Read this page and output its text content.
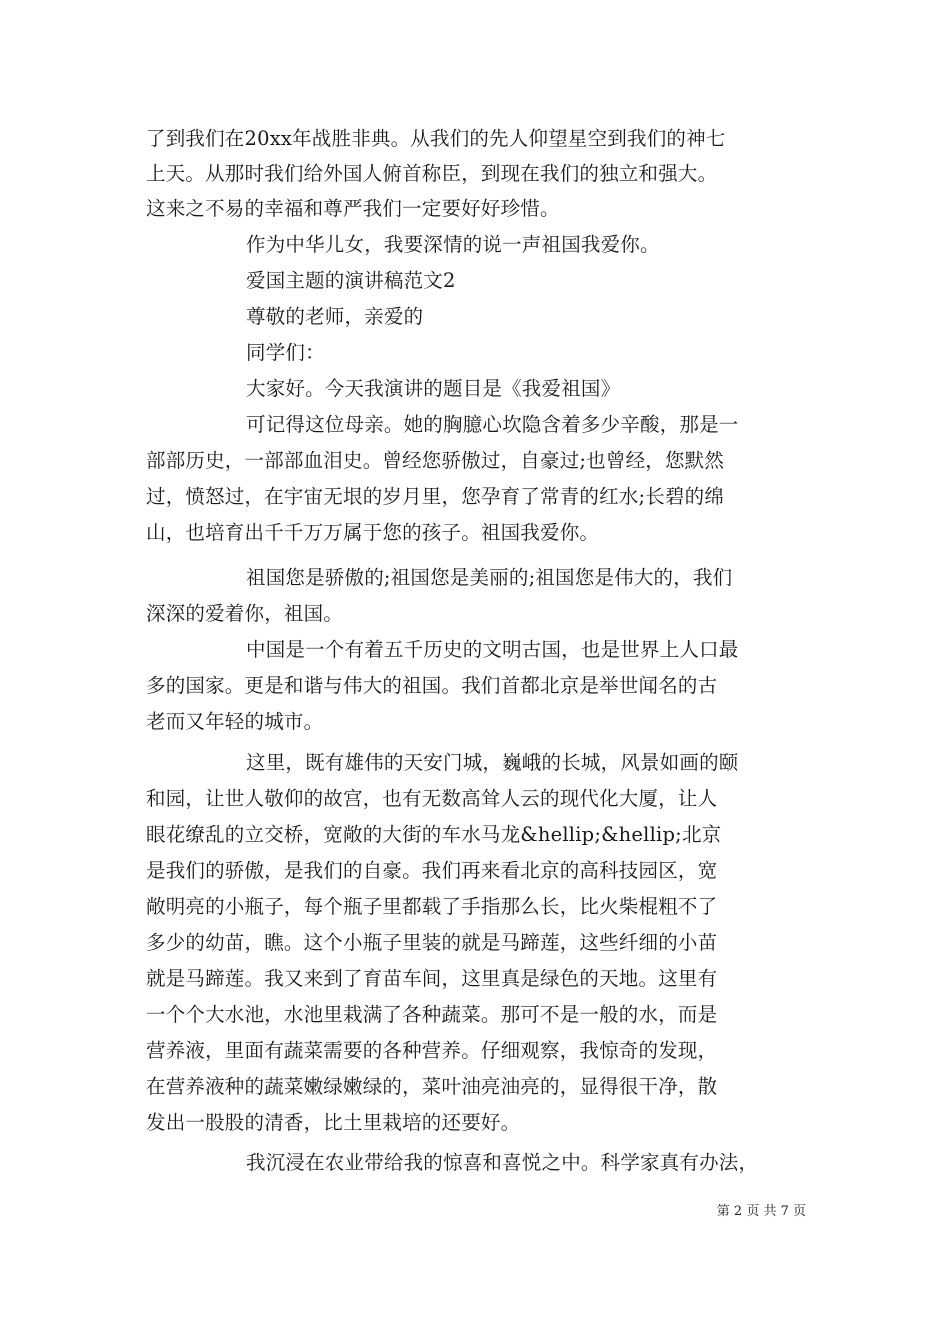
了到我们在20xx年战胜非典。从我们的先人仰望星空到我们的神七
上天。从那时我们给外国人俯首称臣，到现在我们的独立和强大。
这来之不易的幸福和尊严我们一定要好好珍惜。
作为中华儿女，我要深情的说一声祖国我爱你。
爱国主题的演讲稿范文2
尊敬的老师，亲爱的
同学们：
大家好。今天我演讲的题目是《我爱祖国》
可记得这位母亲。她的胸臆心坎隐含着多少辛酸，那是一
部部历史，一部部血泪史。曾经您骄傲过，自豪过;也曾经，您默然
过，愤怒过，在宇宙无垠的岁月里，您孕育了常青的红水;长碧的绵
山，也培育出千千万万属于您的孩子。祖国我爱你。
祖国您是骄傲的;祖国您是美丽的;祖国您是伟大的，我们
深深的爱着你，祖国。
中国是一个有着五千历史的文明古国，也是世界上人口最
多的国家。更是和谐与伟大的祖国。我们首都北京是举世闻名的古
老而又年轻的城市。
这里，既有雄伟的天安门城，巍峨的长城，风景如画的颐
和园，让世人敬仰的故宫，也有无数高耸人云的现代化大厦，让人
眼花缭乱的立交桥，宽敞的大街的车水马龙&hellip;&hellip;北京
是我们的骄傲，是我们的自豪。我们再来看北京的高科技园区，宽
敞明亮的小瓶子，每个瓶子里都载了手指那么长，比火柴棍粗不了
多少的幼苗，瞧。这个小瓶子里装的就是马蹄莲，这些纤细的小苗
就是马蹄莲。我又来到了育苗车间，这里真是绿色的天地。这里有
一个个大水池，水池里栽满了各种蔬菜。那可不是一般的水，而是
营养液，里面有蔬菜需要的各种营养。仔细观察，我惊奇的发现，
在营养液种的蔬菜嫩绿嫩绿的，菜叶油亮油亮的，显得很干净，散
发出一股股的清香，比土里栽培的还要好。
我沉浸在农业带给我的惊喜和喜悦之中。科学家真有办法，
第 2 页 共 7 页
